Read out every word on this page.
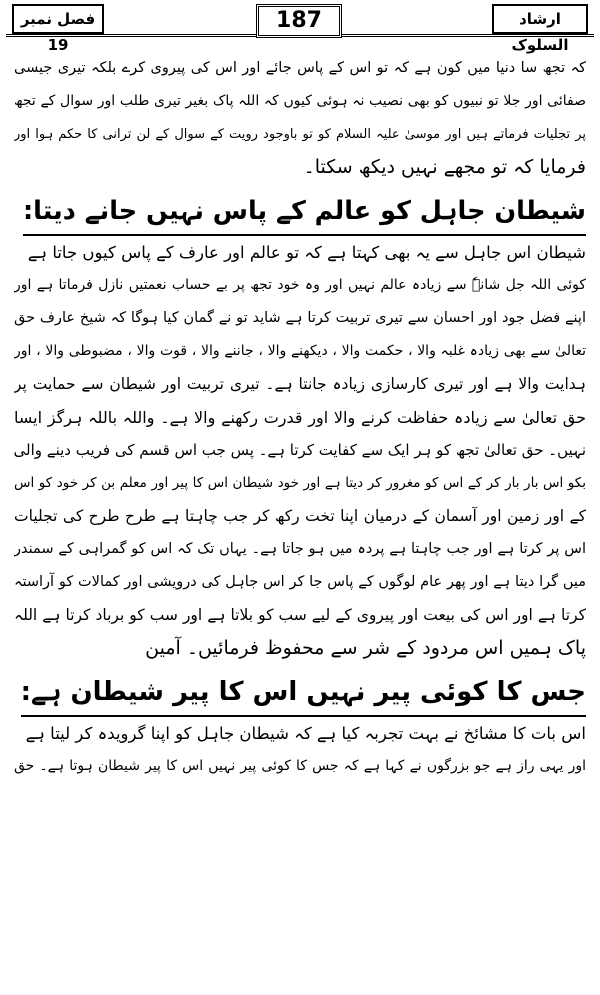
فصل نمبر 19
187	ارشاد السلوک
کہ تجھ سا دنیا میں کون ہے کہ تو اس کے پاس جائے اور اس کی پیروی کرے بلکہ تیری جیسی
صفائی اور جلا تو نبیوں کو بھی نصیب نہ ہوئی کیوں کہ اللہ پاک بغیر تیری طلب اور سوال کے تجھ
پر تجلیات فرماتے ہیں اور موسیٰ علیہ السلام کو تو باوجود رویت کے سوال کے لن ترانی کا حکم ہوا اور
فرمایا کہ تو مجھے نہیں دیکھ سکتا۔
شیطان جاہل کو عالم کے پاس نہیں جانے دیتا:
شیطان اس جاہل سے یہ بھی کہتا ہے کہ تو عالم اور عارف کے پاس کیوں جاتا ہے
کوئی اللہ جل شانہٗ سے زیادہ عالم نہیں اور وہ خود تجھ پر بے حساب نعمتیں نازل فرماتا ہے اور
اپنے فضل جود اور احسان سے تیری تربیت کرتا ہے شاید تو نے گمان کیا ہوگا کہ شیخ عارف حق
تعالیٰ سے بھی زیادہ غلبہ والا ، حکمت والا ، دیکھنے والا ، جاننے والا ، قوت والا ، مضبوطی والا ، اور
ہدایت والا ہے اور تیری کارسازی زیادہ جانتا ہے۔ تیری تربیت اور شیطان سے حمایت پر
حق تعالیٰ سے زیادہ حفاظت کرنے والا اور قدرت رکھنے والا ہے۔ واللہ باللہ ہرگز ایسا
نہیں۔ حق تعالیٰ تجھ کو ہر ایک سے کفایت کرتا ہے۔ پس جب اس قسم کی فریب دینے والی
بکو اس بار بار کر کے اس کو مغرور کر دیتا ہے اور خود شیطان اس کا پیر اور معلم بن کر خود کو اس
کے اور زمین اور آسمان کے درمیان اپنا تخت رکھ کر جب چاہتا ہے طرح طرح کی تجلیات
اس پر کرتا ہے اور جب چاہتا ہے پردہ میں ہو جاتا ہے۔ یہاں تک کہ اس کو گمراہی کے سمندر
میں گرا دیتا ہے اور پھر عام لوگوں کے پاس جا کر اس جاہل کی درویشی اور کمالات کو آراستہ
کرتا ہے اور اس کی بیعت اور پیروی کے لیے سب کو بلاتا ہے اور سب کو برباد کرتا ہے اللہ
پاک ہمیں اس مردود کے شر سے محفوظ فرمائیں۔ آمین
جس کا کوئی پیر نہیں اس کا پیر شیطان ہے:
اس بات کا مشائخ نے بہت تجربہ کیا ہے کہ شیطان جاہل کو اپنا گرویدہ کر لیتا ہے
اور یہی راز ہے جو بزرگوں نے کہا ہے کہ جس کا کوئی پیر نہیں اس کا پیر شیطان ہوتا ہے۔ حق
